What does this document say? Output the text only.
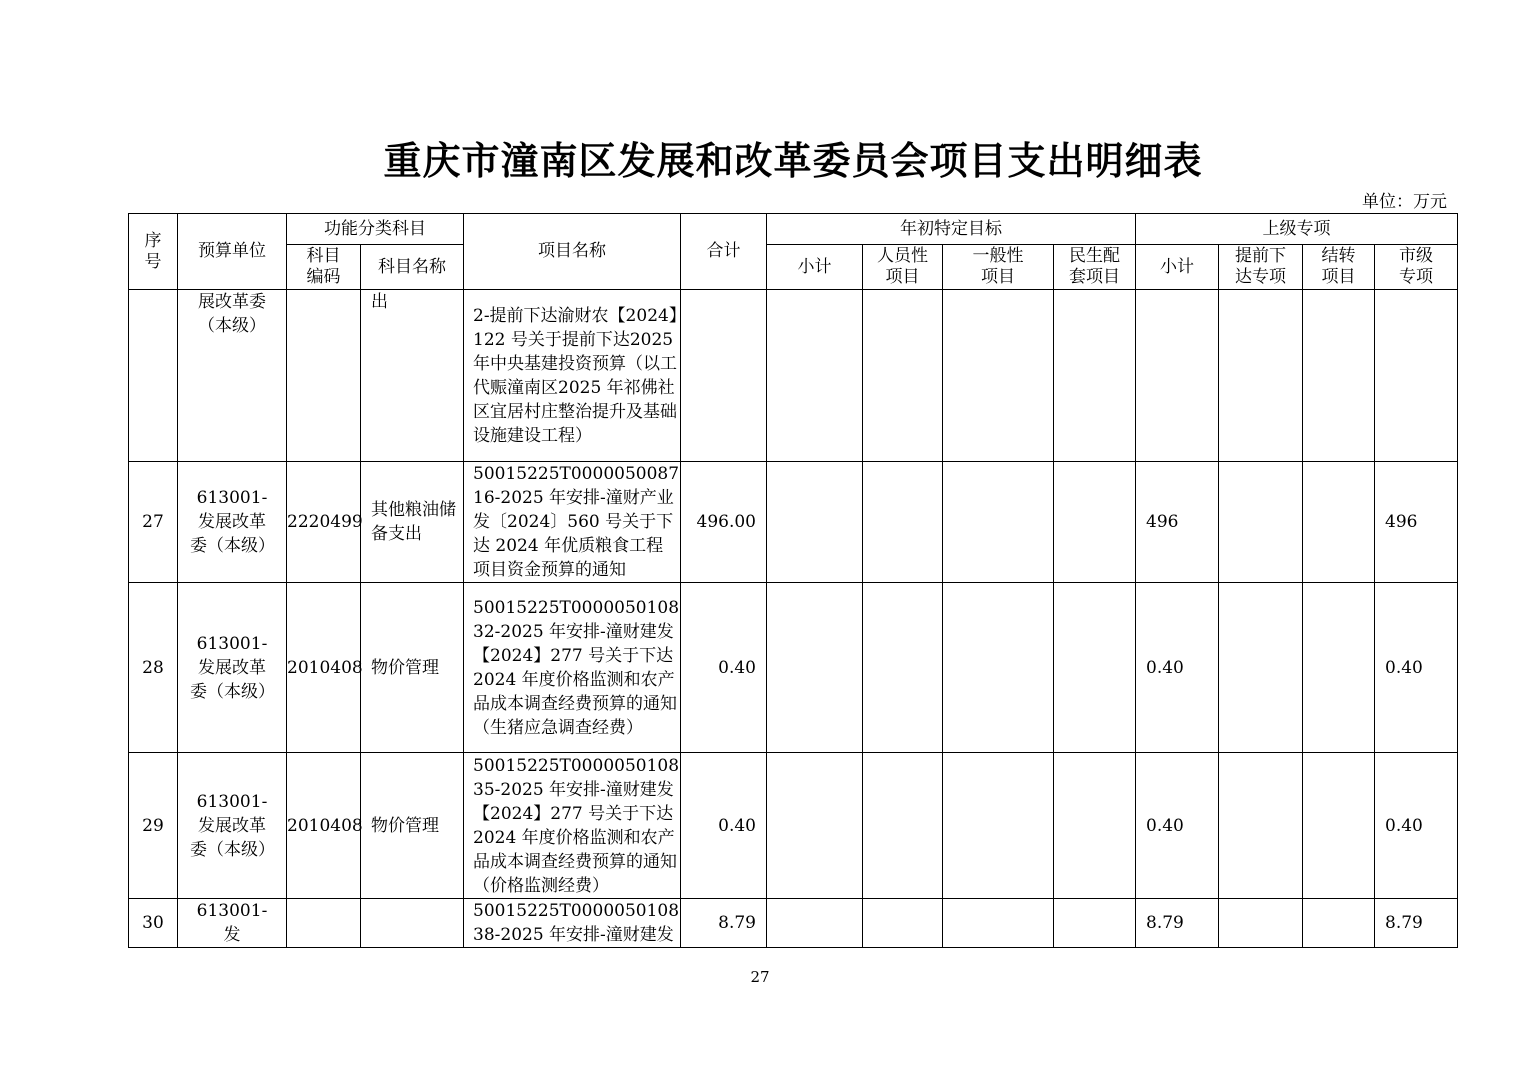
重庆市潼南区发展和改革委员会项目支出明细表
单位：万元
序号	预算单位	功能分类科目		项目名称	合计	年初特定目标				上级专项			

		科目编码	科目名称			小计	人员性项目	一般性项目	民生配套项目	小计	提前下达专项	结转项目	市级专项

	展改革委（本级）		出	2-提前下达渝财农【2024】122 号关于提前下达2025 年中央基建投资预算（以工代赈潼南区2025 年祁佛社区宜居村庄整治提升及基础设施建设工程）									
27	613001-发展改革委（本级）	2220499	其他粮油储备支出	50015225T000005008716-2025 年安排-潼财产业发〔2024〕560 号关于下达 2024 年优质粮食工程项目资金预算的通知	496.00					496			496
28	613001-发展改革委（本级）	2010408	物价管理	50015225T000005010832-2025 年安排-潼财建发【2024】277 号关于下达2024 年度价格监测和农产品成本调查经费预算的通知（生猪应急调查经费）	0.40					0.40			0.40
29	613001-发展改革委（本级）	2010408	物价管理	50015225T000005010835-2025 年安排-潼财建发【2024】277 号关于下达2024 年度价格监测和农产品成本调查经费预算的通知（价格监测经费）	0.40					0.40			0.40
30	613001-发			50015225T000005010838-2025 年安排-潼财建发	8.79					8.79			8.79
27
